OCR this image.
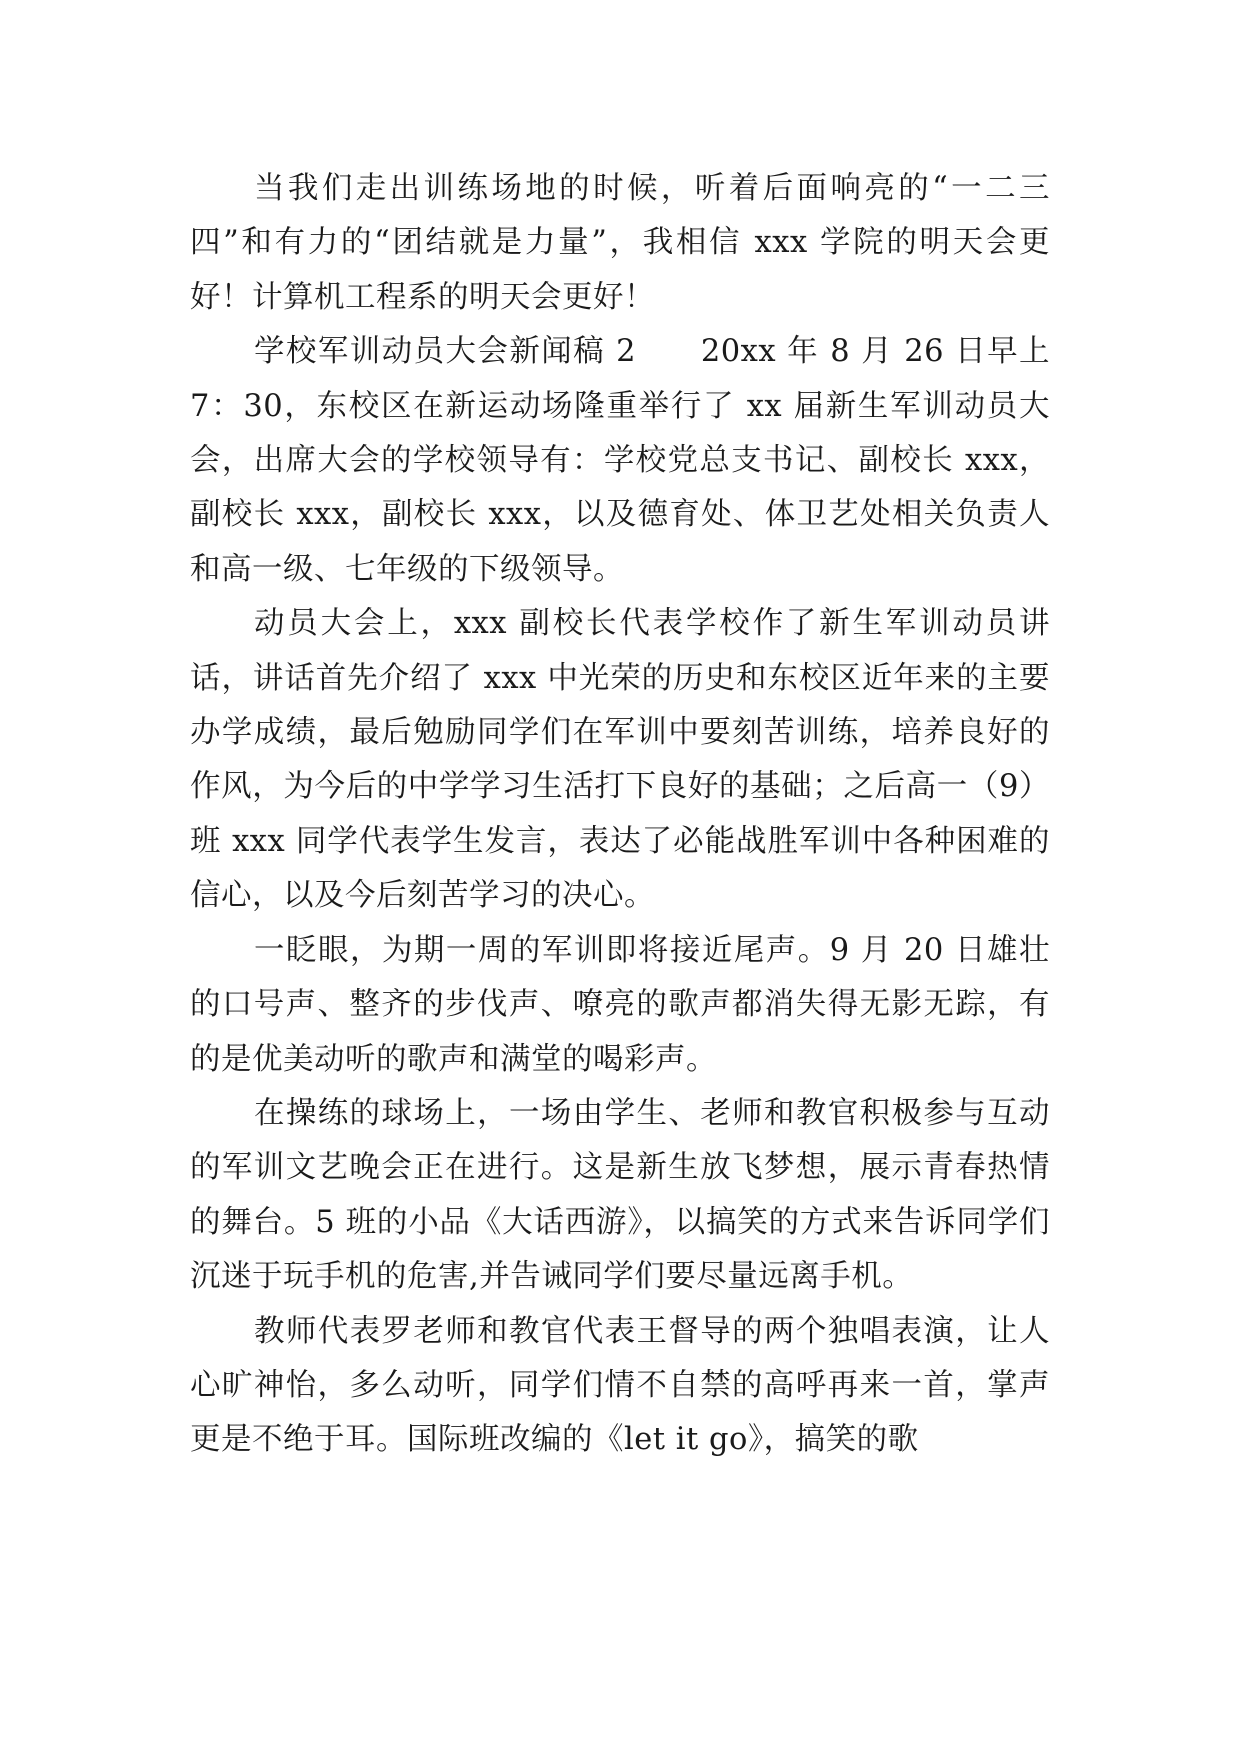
当我们走出训练场地的时候，听着后面响亮的“一二三四”和有力的“团结就是力量”，我相信 xxx 学院的明天会更好！计算机工程系的明天会更好！

学校军训动员大会新闻稿 2　　20xx 年 8 月 26 日早上 7：30，东校区在新运动场隆重举行了 xx 届新生军训动员大会，出席大会的学校领导有：学校党总支书记、副校长 xxx，副校长 xxx，副校长 xxx，以及德育处、体卫艺处相关负责人和高一级、七年级的下级领导。

动员大会上，xxx 副校长代表学校作了新生军训动员讲话，讲话首先介绍了 xxx 中光荣的历史和东校区近年来的主要办学成绩，最后勉励同学们在军训中要刻苦训练，培养良好的作风，为今后的中学学习生活打下良好的基础；之后高一（9）班 xxx 同学代表学生发言，表达了必能战胜军训中各种困难的信心，以及今后刻苦学习的决心。

一眨眼，为期一周的军训即将接近尾声。9 月 20 日雄壮的口号声、整齐的步伐声、嘹亮的歌声都消失得无影无踪，有的是优美动听的歌声和满堂的喝彩声。

在操练的球场上，一场由学生、老师和教官积极参与互动的军训文艺晚会正在进行。这是新生放飞梦想，展示青春热情的舞台。5 班的小品《大话西游》，以搞笑的方式来告诉同学们沉迷于玩手机的危害,并告诫同学们要尽量远离手机。

教师代表罗老师和教官代表王督导的两个独唱表演，让人心旷神怡，多么动听，同学们情不自禁的高呼再来一首，掌声更是不绝于耳。国际班改编的《let it go》，搞笑的歌
